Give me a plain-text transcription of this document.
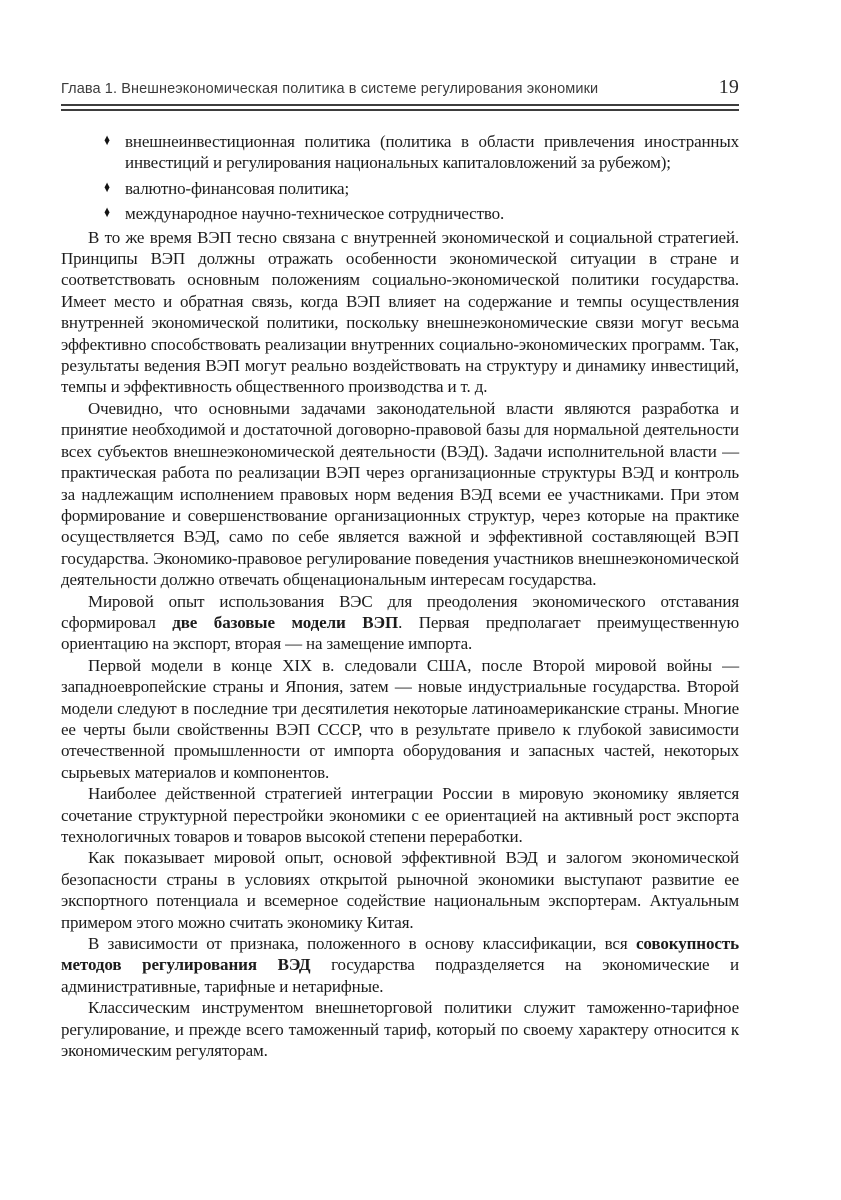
Глава 1. Внешнеэкономическая политика в системе регулирования экономики	19
♦ внешнеинвестиционная политика (политика в области привлечения иностранных инвестиций и регулирования национальных капиталовложений за рубежом);
♦ валютно-финансовая политика;
♦ международное научно-техническое сотрудничество.

В то же время ВЭП тесно связана с внутренней экономической и социальной стратегией. Принципы ВЭП должны отражать особенности экономической ситуации в стране и соответствовать основным положениям социально-экономической политики государства. Имеет место и обратная связь, когда ВЭП влияет на содержание и темпы осуществления внутренней экономической политики, поскольку внешнеэкономические связи могут весьма эффективно способствовать реализации внутренних социально-экономических программ. Так, результаты ведения ВЭП могут реально воздействовать на структуру и динамику инвестиций, темпы и эффективность общественного производства и т. д.

Очевидно, что основными задачами законодательной власти являются разработка и принятие необходимой и достаточной договорно-правовой базы для нормальной деятельности всех субъектов внешнеэкономической деятельности (ВЭД). Задачи исполнительной власти — практическая работа по реализации ВЭП через организационные структуры ВЭД и контроль за надлежащим исполнением правовых норм ведения ВЭД всеми ее участниками. При этом формирование и совершенствование организационных структур, через которые на практике осуществляется ВЭД, само по себе является важной и эффективной составляющей ВЭП государства. Экономико-правовое регулирование поведения участников внешнеэкономической деятельности должно отвечать общенациональным интересам государства.

Мировой опыт использования ВЭС для преодоления экономического отставания сформировал две базовые модели ВЭП. Первая предполагает преимущественную ориентацию на экспорт, вторая — на замещение импорта.

Первой модели в конце XIX в. следовали США, после Второй мировой войны — западноевропейские страны и Япония, затем — новые индустриальные государства. Второй модели следуют в последние три десятилетия некоторые латиноамериканские страны. Многие ее черты были свойственны ВЭП СССР, что в результате привело к глубокой зависимости отечественной промышленности от импорта оборудования и запасных частей, некоторых сырьевых материалов и компонентов.

Наиболее действенной стратегией интеграции России в мировую экономику является сочетание структурной перестройки экономики с ее ориентацией на активный рост экспорта технологичных товаров и товаров высокой степени переработки.

Как показывает мировой опыт, основой эффективной ВЭД и залогом экономической безопасности страны в условиях открытой рыночной экономики выступают развитие ее экспортного потенциала и всемерное содействие национальным экспортерам. Актуальным примером этого можно считать экономику Китая.

В зависимости от признака, положенного в основу классификации, вся совокупность методов регулирования ВЭД государства подразделяется на экономические и административные, тарифные и нетарифные.

Классическим инструментом внешнеторговой политики служит таможенно-тарифное регулирование, и прежде всего таможенный тариф, который по своему характеру относится к экономическим регуляторам.
